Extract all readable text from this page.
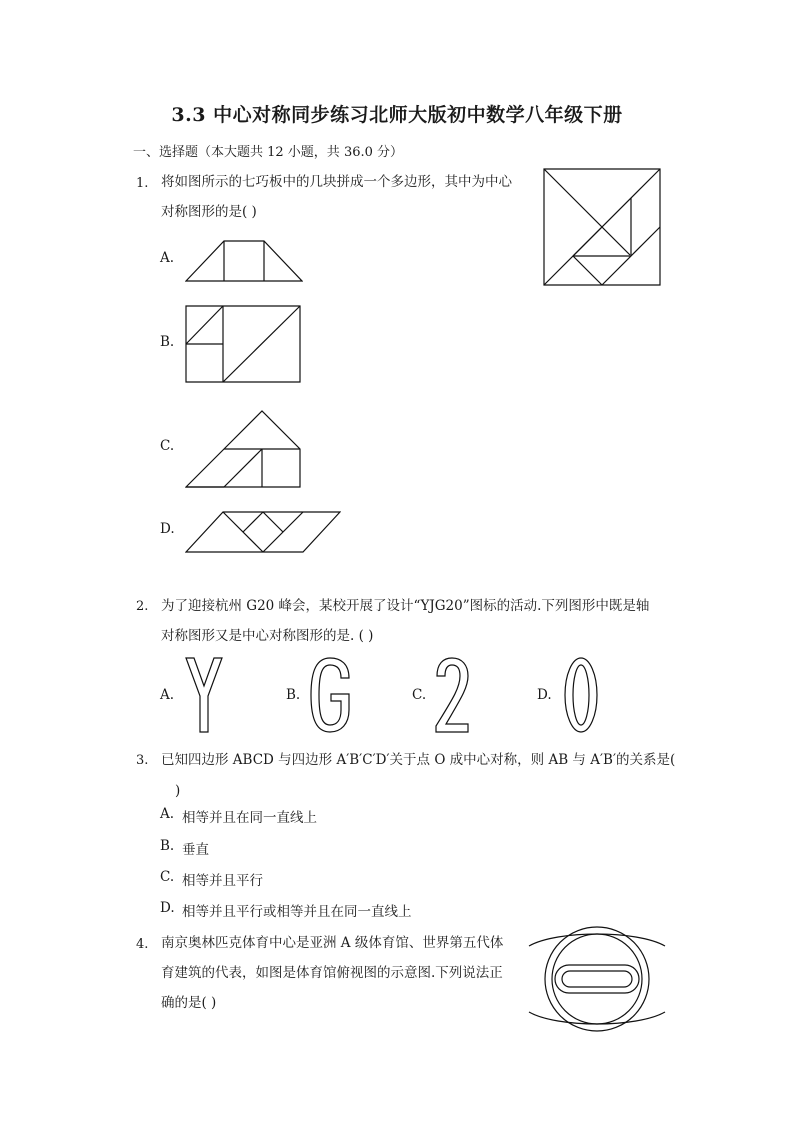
3.3 中心对称同步练习北师大版初中数学八年级下册
一、选择题（本大题共 12 小题，共 36.0 分）
1. 将如图所示的七巧板中的几块拼成一个多边形，其中为中心
对称图形的是( )
A.
B.
C.
D.
2. 为了迎接杭州 G20 峰会，某校开展了设计“YJG20”图标的活动.下列图形中既是轴
对称图形又是中心对称图形的是. ( )
A.	B.	C.	D.
3. 已知四边形 ABCD 与四边形 A′B′C′D′关于点 O 成中心对称，则 AB 与 A′B′的关系是(
)
A. 相等并且在同一直线上
B. 垂直
C. 相等并且平行
D. 相等并且平行或相等并且在同一直线上
4. 南京奥林匹克体育中心是亚洲 A 级体育馆、世界第五代体
育建筑的代表，如图是体育馆俯视图的示意图.下列说法正
确的是( )
